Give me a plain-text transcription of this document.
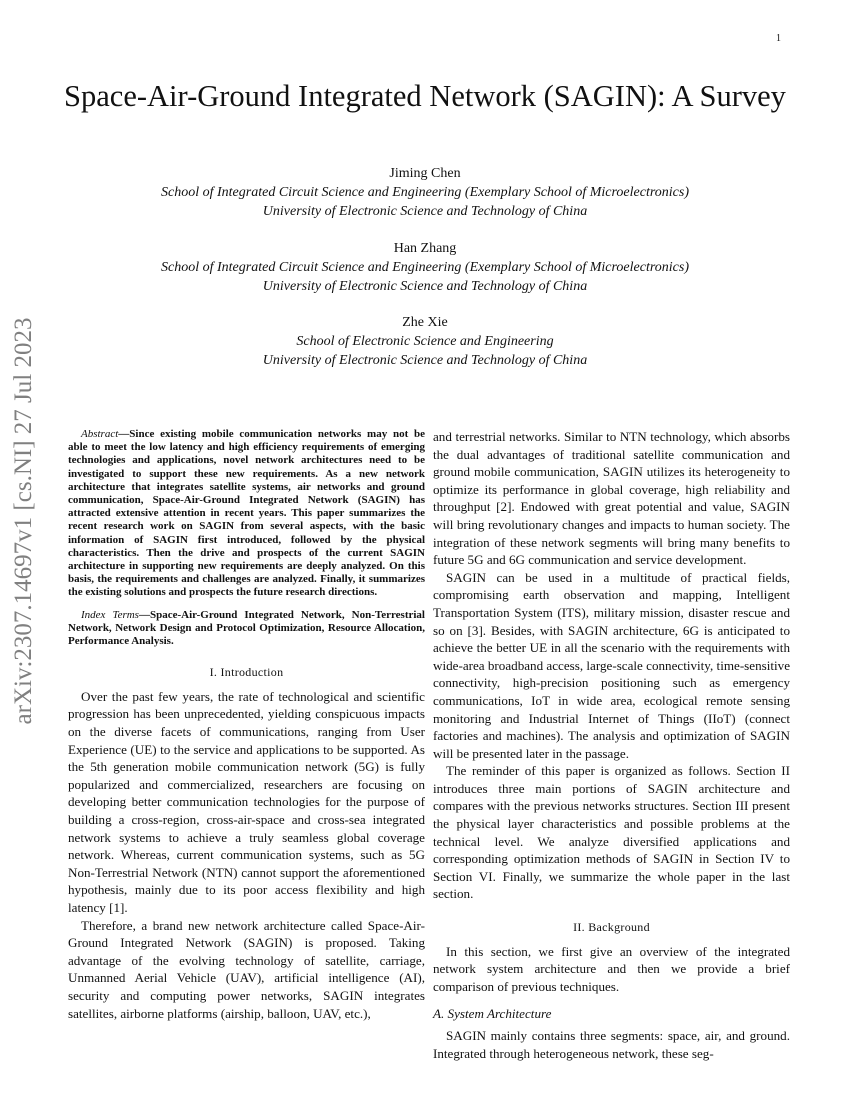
1
arXiv:2307.14697v1 [cs.NI] 27 Jul 2023
Space-Air-Ground Integrated Network (SAGIN): A Survey
Jiming Chen
School of Integrated Circuit Science and Engineering (Exemplary School of Microelectronics)
University of Electronic Science and Technology of China
Han Zhang
School of Integrated Circuit Science and Engineering (Exemplary School of Microelectronics)
University of Electronic Science and Technology of China
Zhe Xie
School of Electronic Science and Engineering
University of Electronic Science and Technology of China

Abstract—Since existing mobile communication networks may not be able to meet the low latency and high efficiency requirements of emerging technologies and applications, novel network architectures need to be investigated to support these new requirements. As a new network architecture that integrates satellite systems, air networks and ground communication, Space-Air-Ground Integrated Network (SAGIN) has attracted extensive attention in recent years. This paper summarizes the recent research work on SAGIN from several aspects, with the basic information of SAGIN first introduced, followed by the physical characteristics. Then the drive and prospects of the current SAGIN architecture in supporting new requirements are deeply analyzed. On this basis, the requirements and challenges are analyzed. Finally, it summarizes the existing solutions and prospects the future research directions.

Index Terms—Space-Air-Ground Integrated Network, Non-Terrestrial Network, Network Design and Protocol Optimization, Resource Allocation, Performance Analysis.

I. Introduction

Over the past few years, the rate of technological and scientific progression has been unprecedented, yielding conspicuous impacts on the diverse facets of communications, ranging from User Experience (UE) to the service and applications to be supported. As the 5th generation mobile communication network (5G) is fully popularized and commercialized, researchers are focusing on developing better communication technologies for the purpose of building a cross-region, cross-air-space and cross-sea integrated network systems to achieve a truly seamless global coverage network. Whereas, current communication systems, such as 5G Non-Terrestrial Network (NTN) cannot support the aforementioned hypothesis, mainly due to its poor access flexibility and high latency [1].

Therefore, a brand new network architecture called Space-Air-Ground Integrated Network (SAGIN) is proposed. Taking advantage of the evolving technology of satellite, carriage, Unmanned Aerial Vehicle (UAV), artificial intelligence (AI), security and computing power networks, SAGIN integrates satellites, airborne platforms (airship, balloon, UAV, etc.),

and terrestrial networks. Similar to NTN technology, which absorbs the dual advantages of traditional satellite communication and ground mobile communication, SAGIN utilizes its heterogeneity to optimize its performance in global coverage, high reliability and throughput [2]. Endowed with great potential and value, SAGIN will bring revolutionary changes and impacts to human society. The integration of these network segments will bring many benefits to future 5G and 6G communication and service development.

SAGIN can be used in a multitude of practical fields, compromising earth observation and mapping, Intelligent Transportation System (ITS), military mission, disaster rescue and so on [3]. Besides, with SAGIN architecture, 6G is anticipated to achieve the better UE in all the scenario with the requirements with wide-area broadband access, large-scale connectivity, time-sensitive connectivity, high-precision positioning such as emergency communications, IoT in wide area, ecological remote sensing monitoring and Industrial Internet of Things (IIoT) (connect factories and machines). The analysis and optimization of SAGIN will be presented later in the passage.

The reminder of this paper is organized as follows. Section II introduces three main portions of SAGIN architecture and compares with the previous networks structures. Section III present the physical layer characteristics and possible problems at the technical level. We analyze diversified applications and corresponding optimization methods of SAGIN in Section IV to Section VI. Finally, we summarize the whole paper in the last section.

II. Background

In this section, we first give an overview of the integrated network system architecture and then we provide a brief comparison of previous techniques.

A. System Architecture

SAGIN mainly contains three segments: space, air, and ground. Integrated through heterogeneous network, these seg-
